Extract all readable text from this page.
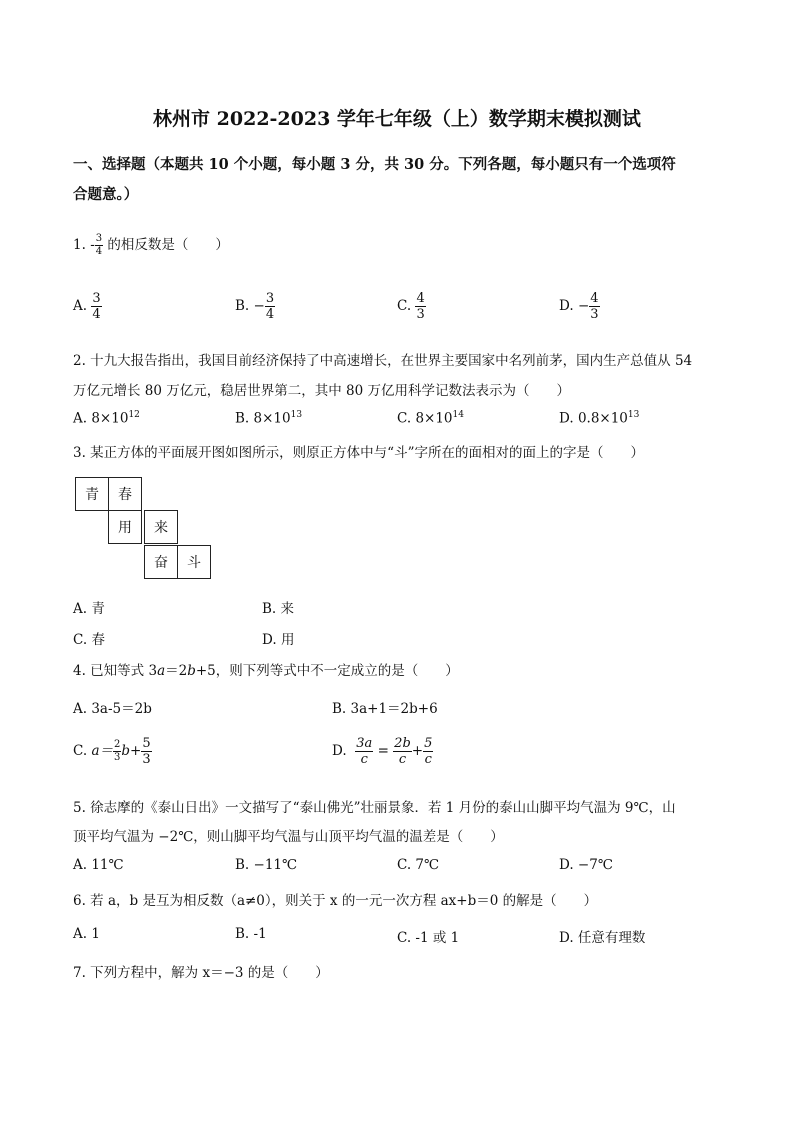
林州市 2022-2023 学年七年级（上）数学期末模拟测试
一、选择题（本题共 10 个小题，每小题 3 分，共 30 分。下列各题，每小题只有一个选项符
合题意。）
1. - $\frac{3}{4}$ 的相反数是（　　）
A. $\frac{3}{4}$	B. − $\frac{3}{4}$	C. $\frac{4}{3}$	D. − $\frac{4}{3}$
2. 十九大报告指出，我国目前经济保持了中高速增长，在世界主要国家中名列前茅，国内生产总值从 54
万亿元增长 80 万亿元，稳居世界第二，其中 80 万亿用科学记数法表示为（　　）
A. $8\times 10^{12}$	B. $8\times 10^{13}$	C. $8\times 10^{14}$	D. $0.8\times 10^{13}$
3. 某正方体的平面展开图如图所示，则原正方体中与“斗”字所在的面相对的面上的字是（　　）
青	春
用	来
奋	斗
A. 青	B. 来
C. 春	D. 用
4. 已知等式 3a＝2b+5，则下列等式中不一定成立的是（　　）
A. 3a-5＝2b	B. 3a+1＝2b+6
C. $a= \frac{2}{3} b+ \frac{5}{3}$	D. $\frac{3a}{c} = \frac{2b}{c} + \frac{5}{c}$
5. 徐志摩的《泰山日出》一文描写了“泰山佛光”壮丽景象．若 1 月份的泰山山脚平均气温为 9℃，山
顶平均气温为 −2℃，则山脚平均气温与山顶平均气温的温差是（　　）
A. 11℃	B. −11℃	C. 7℃	D. −7℃
6. 若 a，b 是互为相反数（a≠0），则关于 x 的一元一次方程 ax+b＝0 的解是（　　）
A. 1	B. -1	C. -1 或 1	D. 任意有理数
7. 下列方程中，解为 x＝−3 的是（　　）
